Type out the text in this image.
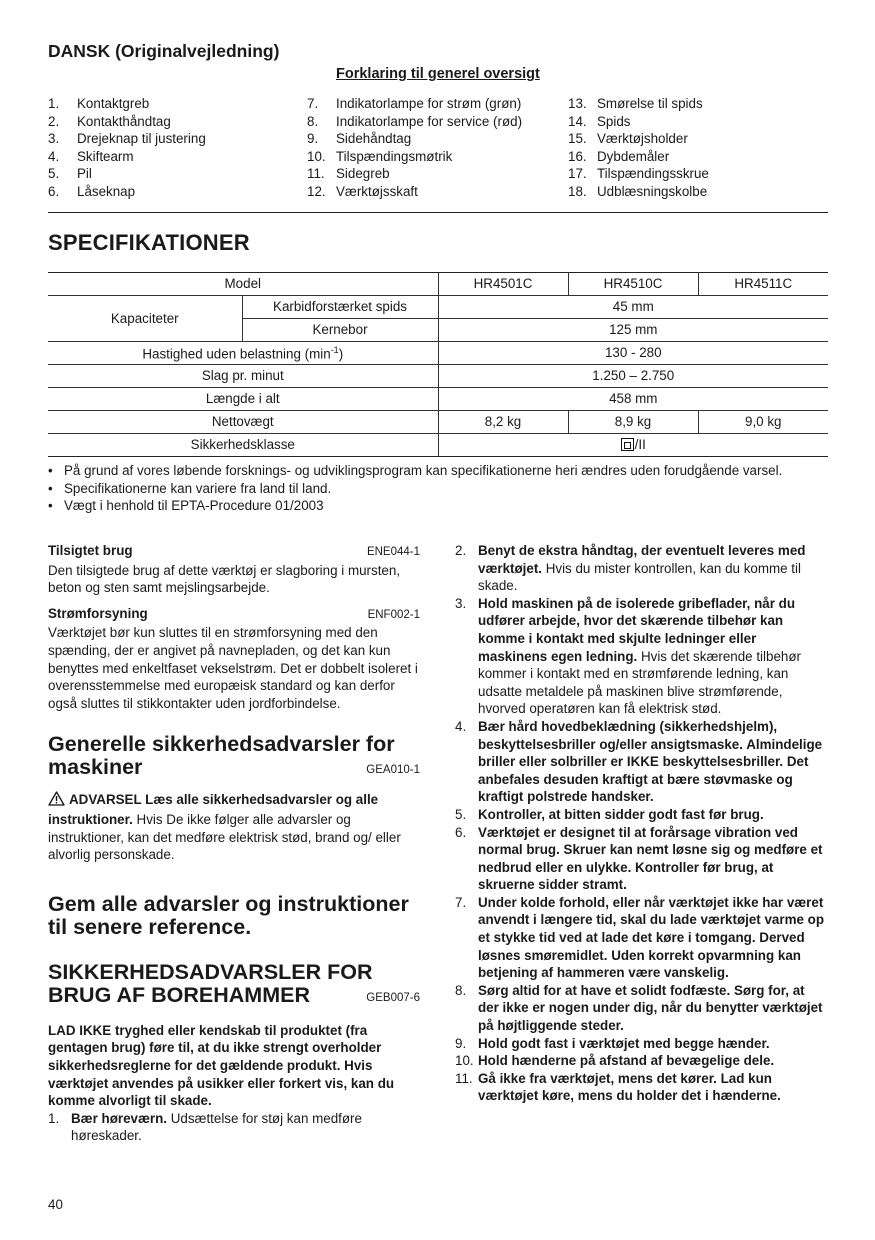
DANSK (Originalvejledning)
Forklaring til generel oversigt
1.	Kontaktgreb
2.	Kontakthåndtag
3.	Drejeknap til justering
4.	Skiftearm
5.	Pil
6.	Låseknap
7.	Indikatorlampe for strøm (grøn)
8.	Indikatorlampe for service (rød)
9.	Sidehåndtag
10. Tilspændingsmøtrik
11. Sidegreb
12. Værktøjsskaft
13. Smørelse til spids
14. Spids
15. Værktøjsholder
16. Dybdemåler
17. Tilspændingsskrue
18. Udblæsningskolbe
SPECIFIKATIONER
Model		HR4501C	HR4510C	HR4511C
Kapaciteter	Karbidforstærket spids	45 mm		
	Kernebor	125 mm		
Hastighed uden belastning $(\min^{-1})$		130 - 280		
Slag pr. minut		1.250 – 2.750		
Længde i alt		458 mm		
Nettovægt		8,2 kg	8,9 kg	9,0 kg
Sikkerhedsklasse		/II		
• På grund af vores løbende forsknings- og udviklingsprogram kan specifikationerne heri ændres uden forudgående varsel.
• Specifikationerne kan variere fra land til land.
• Vægt i henhold til EPTA-Procedure 01/2003
Tilsigtet brug	ENE044-1
Den tilsigtede brug af dette værktøj er slagboring i mursten, beton og sten samt mejslingsarbejde.
Strømforsyning	ENF002-1
Værktøjet bør kun sluttes til en strømforsyning med den spænding, der er angivet på navnepladen, og det kan kun benyttes med enkeltfaset vekselstrøm. Det er dobbelt isoleret i overensstemmelse med europæisk standard og kan derfor også sluttes til stikkontakter uden jordforbindelse.
Generelle sikkerhedsadvarsler for
maskiner	GEA010-1
ADVARSEL Læs alle sikkerhedsadvarsler og alle instruktioner. Hvis De ikke følger alle advarsler og instruktioner, kan det medføre elektrisk stød, brand og/ eller alvorlig personskade.
Gem alle advarsler og instruktioner til senere reference.
SIKKERHEDSADVARSLER FOR
BRUG AF BOREHAMMER	GEB007-6
LAD IKKE tryghed eller kendskab til produktet (fra gentagen brug) føre til, at du ikke strengt overholder sikkerhedsreglerne for det gældende produkt. Hvis værktøjet anvendes på usikker eller forkert vis, kan du komme alvorligt til skade.
1. Bær høreværn. Udsættelse for støj kan medføre høreskader.
2. Benyt de ekstra håndtag, der eventuelt leveres med værktøjet. Hvis du mister kontrollen, kan du komme til skade.
3. Hold maskinen på de isolerede gribeflader, når du udfører arbejde, hvor det skærende tilbehør kan komme i kontakt med skjulte ledninger eller maskinens egen ledning. Hvis det skærende tilbehør kommer i kontakt med en strømførende ledning, kan udsatte metaldele på maskinen blive strømførende, hvorved operatøren kan få elektrisk stød.
4. Bær hård hovedbeklædning (sikkerhedshjelm), beskyttelsesbriller og/eller ansigtsmaske. Almindelige briller eller solbriller er IKKE beskyttelsesbriller. Det anbefales desuden kraftigt at bære støvmaske og kraftigt polstrede handsker.
5. Kontroller, at bitten sidder godt fast før brug.
6. Værktøjet er designet til at forårsage vibration ved normal brug. Skruer kan nemt løsne sig og medføre et nedbrud eller en ulykke. Kontroller før brug, at skruerne sidder stramt.
7. Under kolde forhold, eller når værktøjet ikke har været anvendt i længere tid, skal du lade værktøjet varme op et stykke tid ved at lade det køre i tomgang. Derved løsnes smøremidlet. Uden korrekt opvarmning kan betjening af hammeren være vanskelig.
8. Sørg altid for at have et solidt fodfæste. Sørg for, at der ikke er nogen under dig, når du benytter værktøjet på højtliggende steder.
9. Hold godt fast i værktøjet med begge hænder.
10. Hold hænderne på afstand af bevægelige dele.
11. Gå ikke fra værktøjet, mens det kører. Lad kun værktøjet køre, mens du holder det i hænderne.
40
